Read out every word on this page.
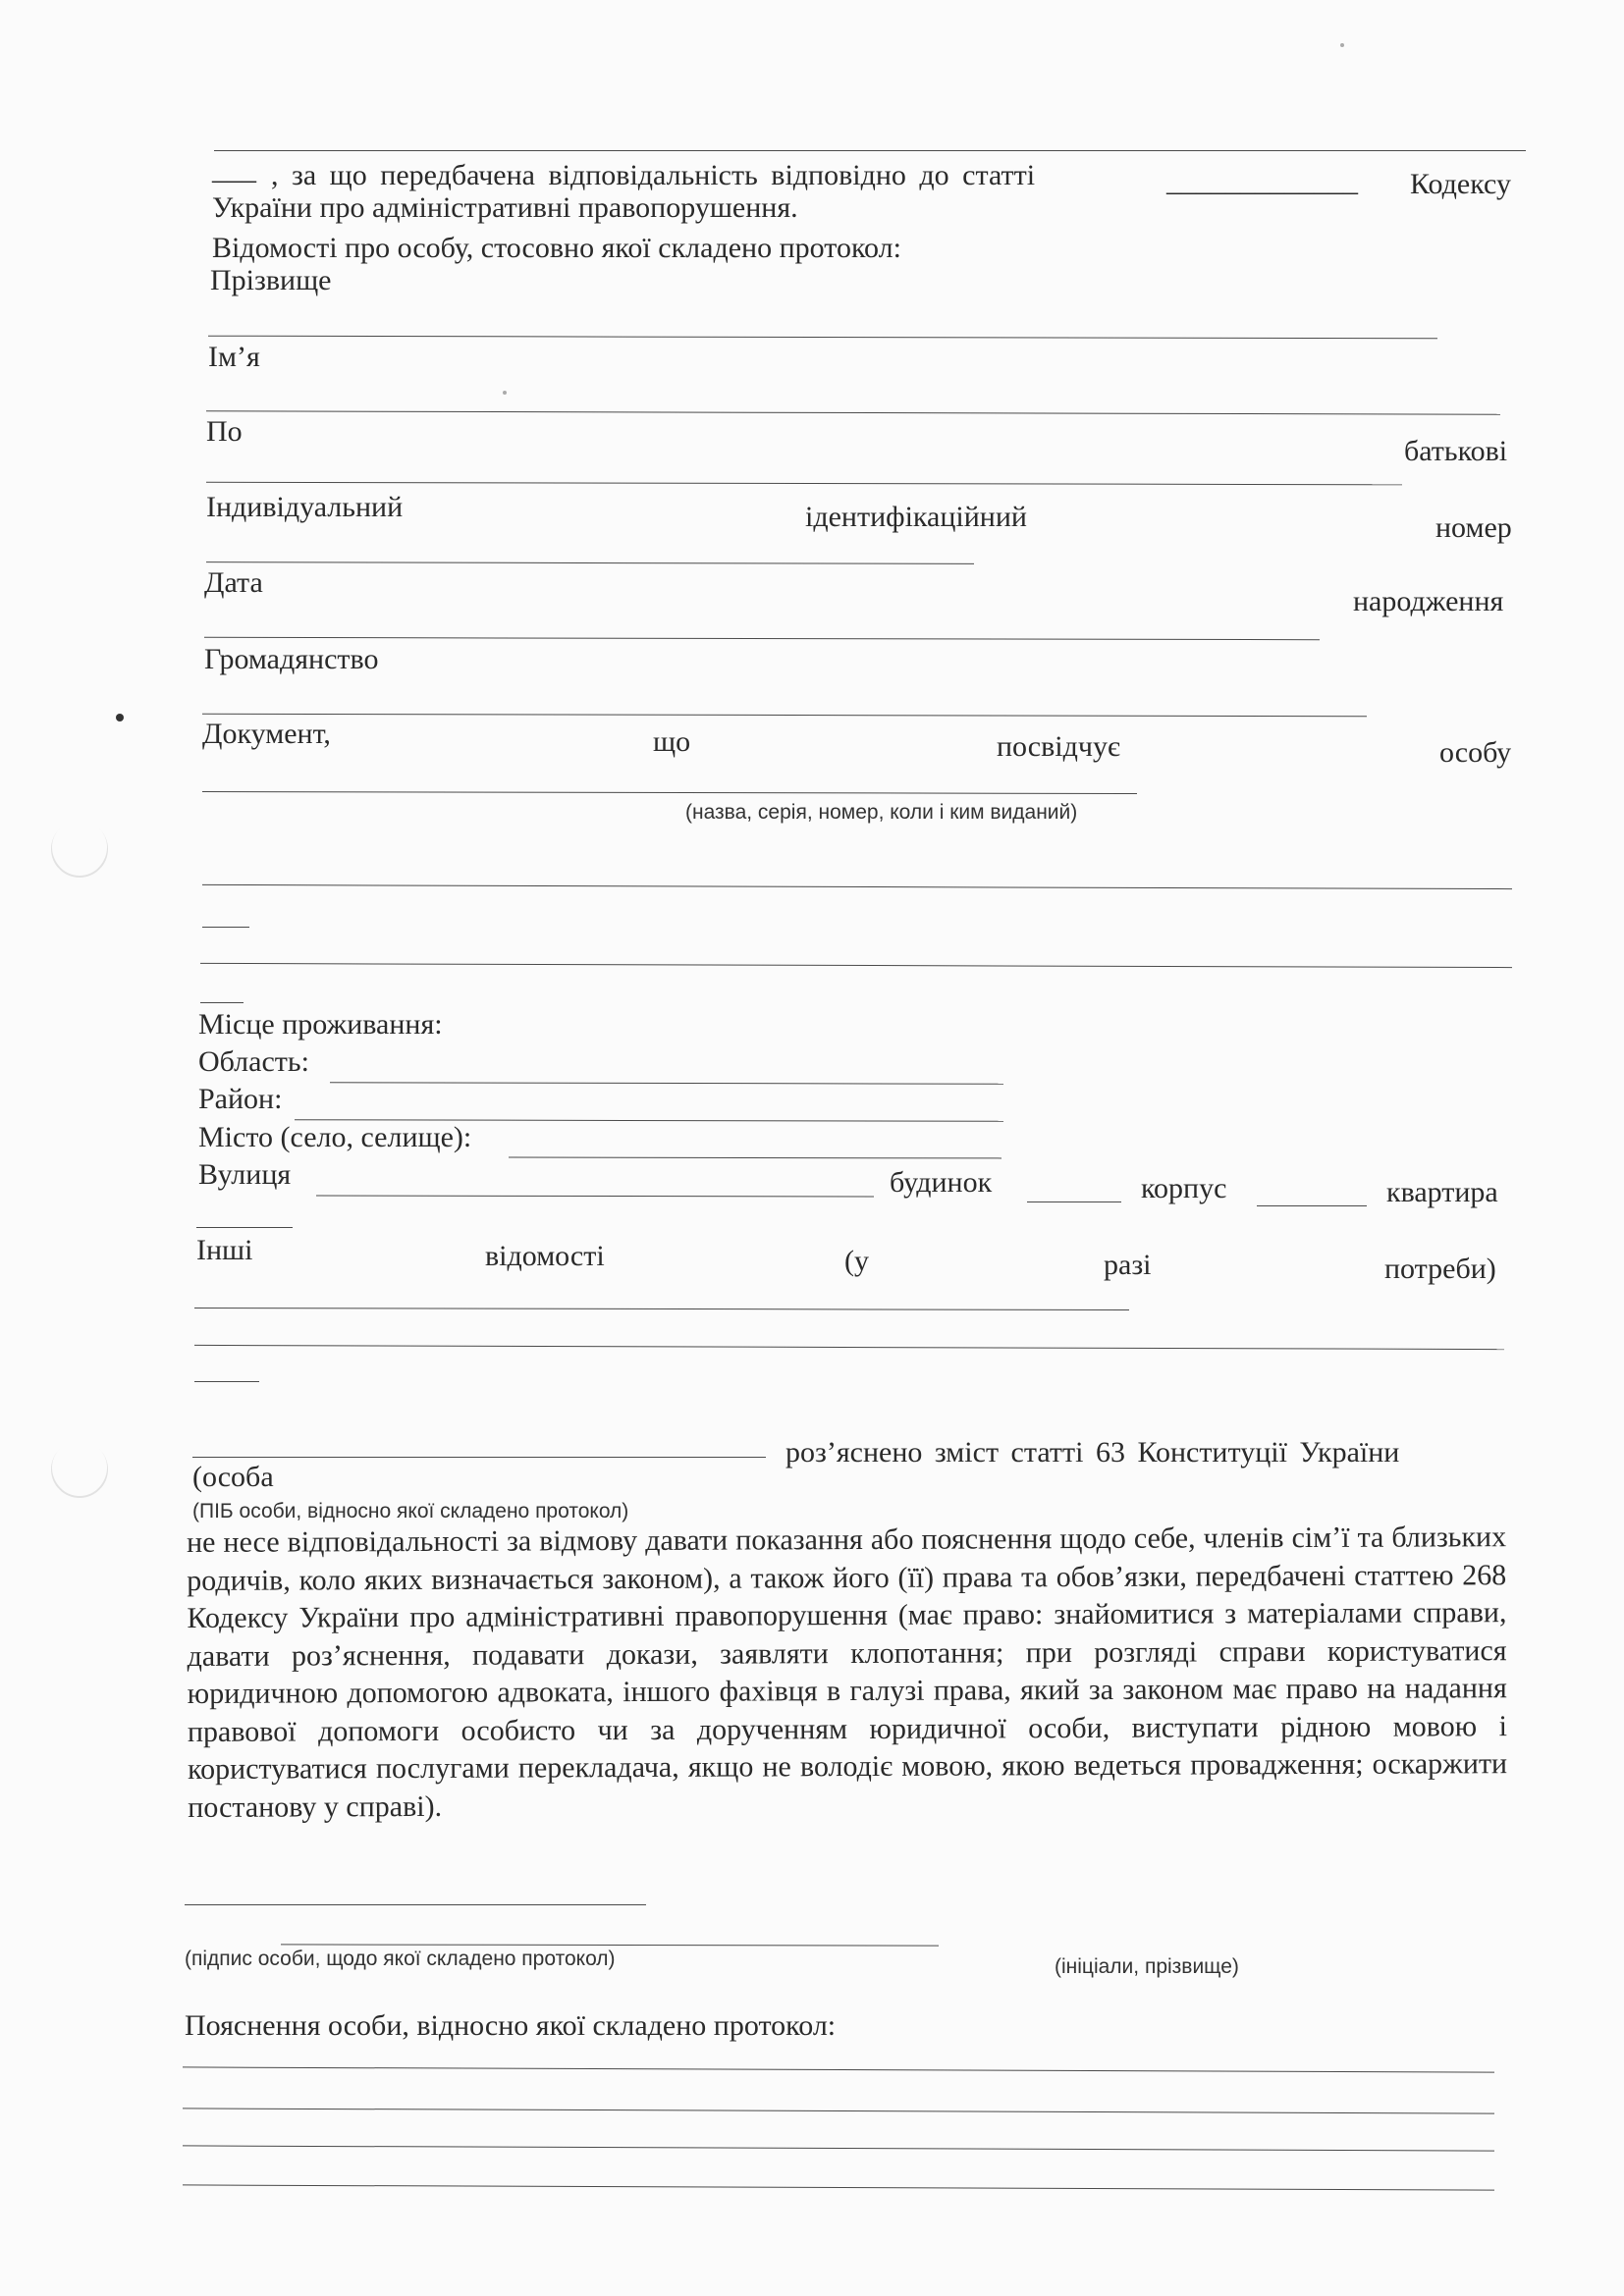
___ , за що передбачена відповідальність відповідно до статті	_____________ Кодексу
України про адміністративні правопорушення.
Відомості про особу, стосовно якої складено протокол:
Прізвище
Ім’я
По
батькові
Індивідуальний	ідентифікаційний	номер
Дата
народження
Громадянство
Документ,	що	посвідчує	особу
(назва, серія, номер, коли і ким виданий)
Місце проживання:
Область:
Район:
Місто (село, селище):
Вулиця	будинок	корпус	квартира
Інші	відомості	(у	разі	потреби)
роз’яснено зміст статті 63 Конституції України
(особа
(ПІБ особи, відносно якої складено протокол)
не несе відповідальності за відмову давати показання або пояснення щодо себе, членів сім’ї та близьких родичів, коло яких визначається законом), а також його (її) права та обов’язки, передбачені статтею 268 Кодексу України про адміністративні правопорушення (має право: знайомитися з матеріалами справи, давати роз’яснення, подавати докази, заявляти клопотання; при розгляді справи користуватися юридичною допомогою адвоката, іншого фахівця в галузі права, який за законом має право на надання правової допомоги особисто чи за дорученням юридичної особи, виступати рідною мовою і користуватися послугами перекладача, якщо не володіє мовою, якою ведеться провадження; оскаржити постанову у справі).
(підпис особи, щодо якої складено протокол)	(ініціали, прізвище)
Пояснення особи, відносно якої складено протокол:
